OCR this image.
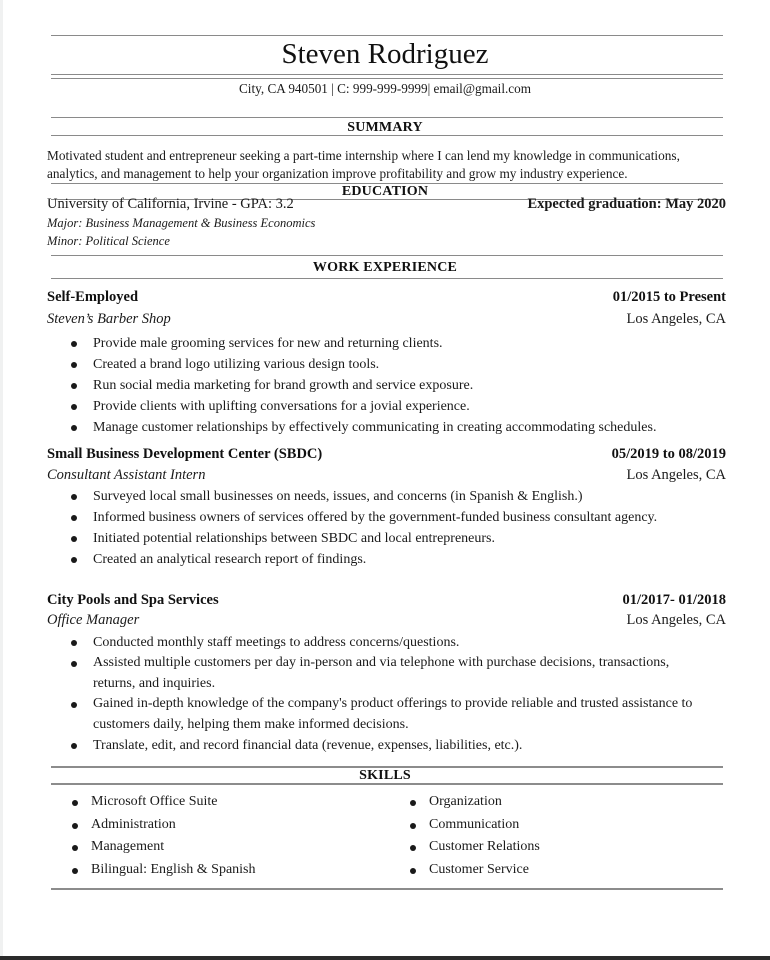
Steven Rodriguez
City, CA 940501 | C: 999-999-9999| email@gmail.com
SUMMARY
Motivated student and entrepreneur seeking a part-time internship where I can lend my knowledge in communications, analytics, and management to help your organization improve profitability and grow my industry experience.
EDUCATION
University of California, Irvine - GPA: 3.2	Expected graduation: May 2020
Major: Business Management & Business Economics
Minor: Political Science
WORK EXPERIENCE
Self-Employed	01/2015 to Present
Steven’s Barber Shop	Los Angeles, CA
Provide male grooming services for new and returning clients.
Created a brand logo utilizing various design tools.
Run social media marketing for brand growth and service exposure.
Provide clients with uplifting conversations for a jovial experience.
Manage customer relationships by effectively communicating in creating accommodating schedules.
Small Business Development Center (SBDC)	05/2019 to 08/2019
Consultant Assistant Intern	Los Angeles, CA
Surveyed local small businesses on needs, issues, and concerns (in Spanish & English.)
Informed business owners of services offered by the government-funded business consultant agency.
Initiated potential relationships between SBDC and local entrepreneurs.
Created an analytical research report of findings.
City Pools and Spa Services	01/2017- 01/2018
Office Manager	Los Angeles, CA
Conducted monthly staff meetings to address concerns/questions.
Assisted multiple customers per day in-person and via telephone with purchase decisions, transactions, returns, and inquiries.
Gained in-depth knowledge of the company's product offerings to provide reliable and trusted assistance to customers daily, helping them make informed decisions.
Translate, edit, and record financial data (revenue, expenses, liabilities, etc.).
SKILLS
Microsoft Office Suite
Administration
Management
Bilingual: English & Spanish
Organization
Communication
Customer Relations
Customer Service
